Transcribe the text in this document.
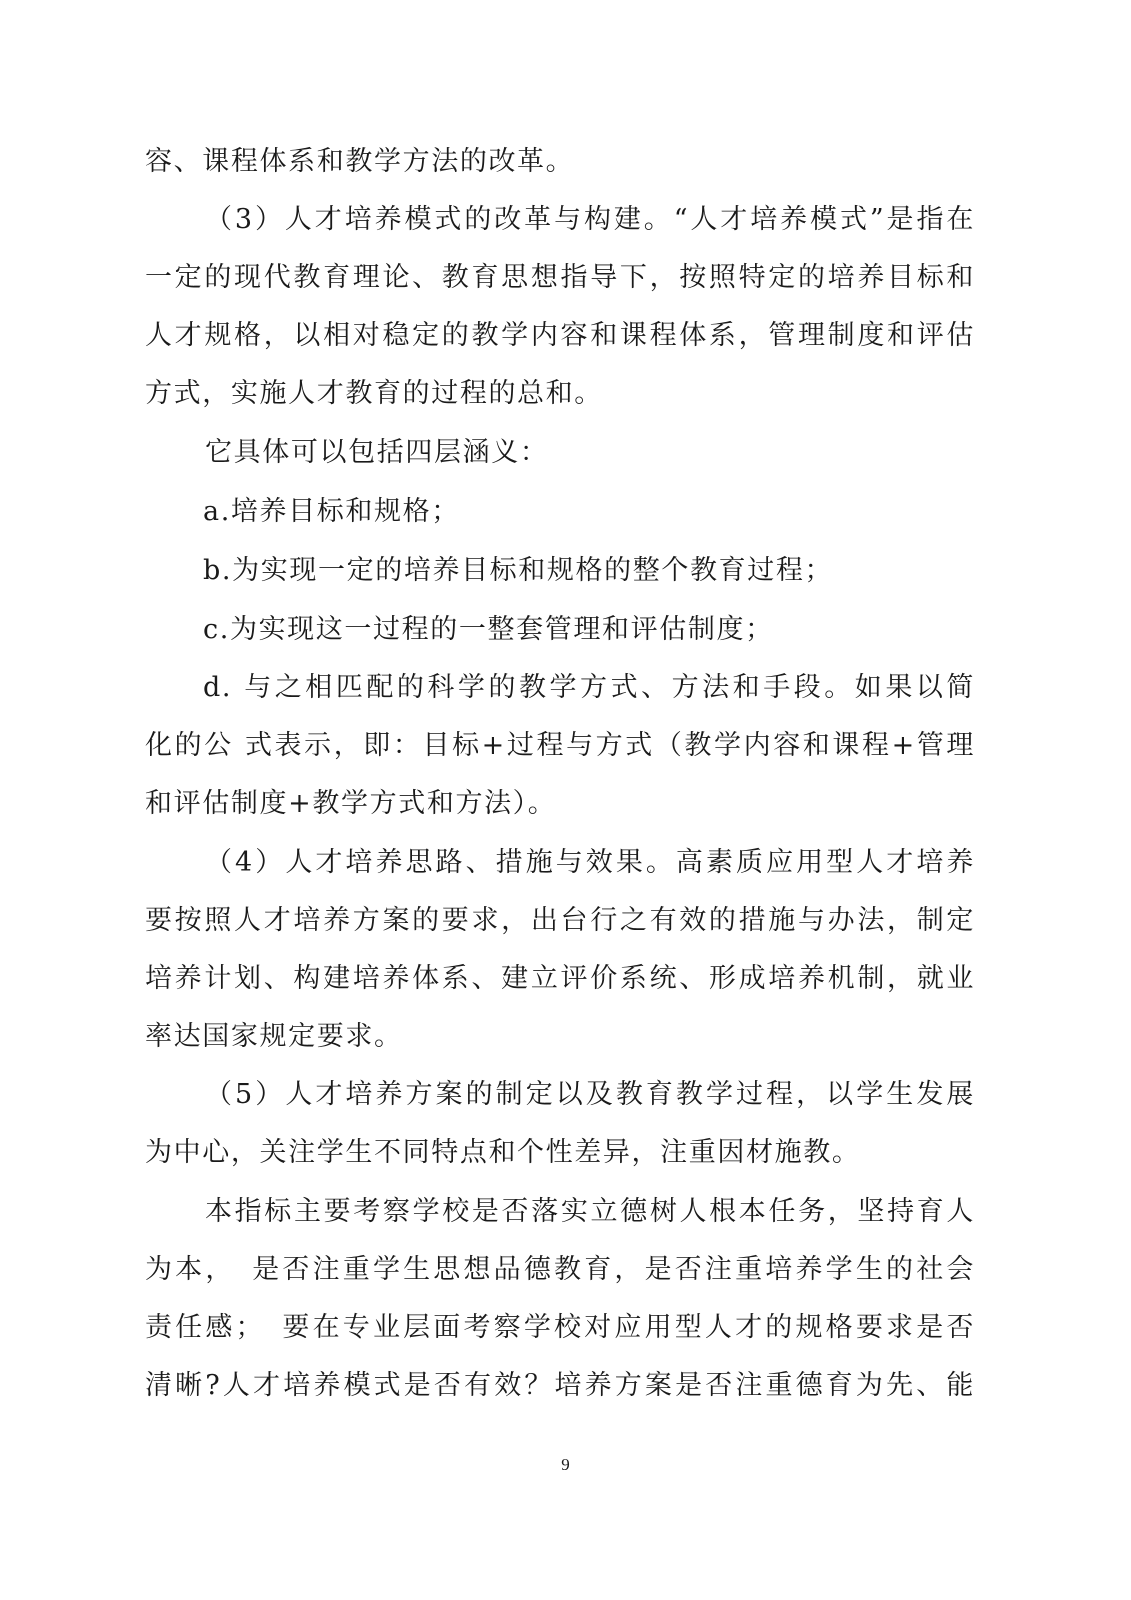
容、课程体系和教学方法的改革。
（3）人才培养模式的改革与构建。“人才培养模式”是指在
一定的现代教育理论、教育思想指导下，按照特定的培养目标和
人才规格，以相对稳定的教学内容和课程体系，管理制度和评估
方式，实施人才教育的过程的总和。
它具体可以包括四层涵义：
a.培养目标和规格；
b.为实现一定的培养目标和规格的整个教育过程；
c.为实现这一过程的一整套管理和评估制度；
d. 与之相匹配的科学的教学方式、方法和手段。如果以简
化的公 式表示，即：目标+过程与方式（教学内容和课程+管理
和评估制度+教学方式和方法）。
（4）人才培养思路、措施与效果。高素质应用型人才培养
要按照人才培养方案的要求，出台行之有效的措施与办法，制定
培养计划、构建培养体系、建立评价系统、形成培养机制，就业
率达国家规定要求。
（5）人才培养方案的制定以及教育教学过程，以学生发展
为中心，关注学生不同特点和个性差异，注重因材施教。
本指标主要考察学校是否落实立德树人根本任务，坚持育人
为本，　是否注重学生思想品德教育，是否注重培养学生的社会
责任感；　要在专业层面考察学校对应用型人才的规格要求是否
清晰?人才培养模式是否有效？培养方案是否注重德育为先、能
9
